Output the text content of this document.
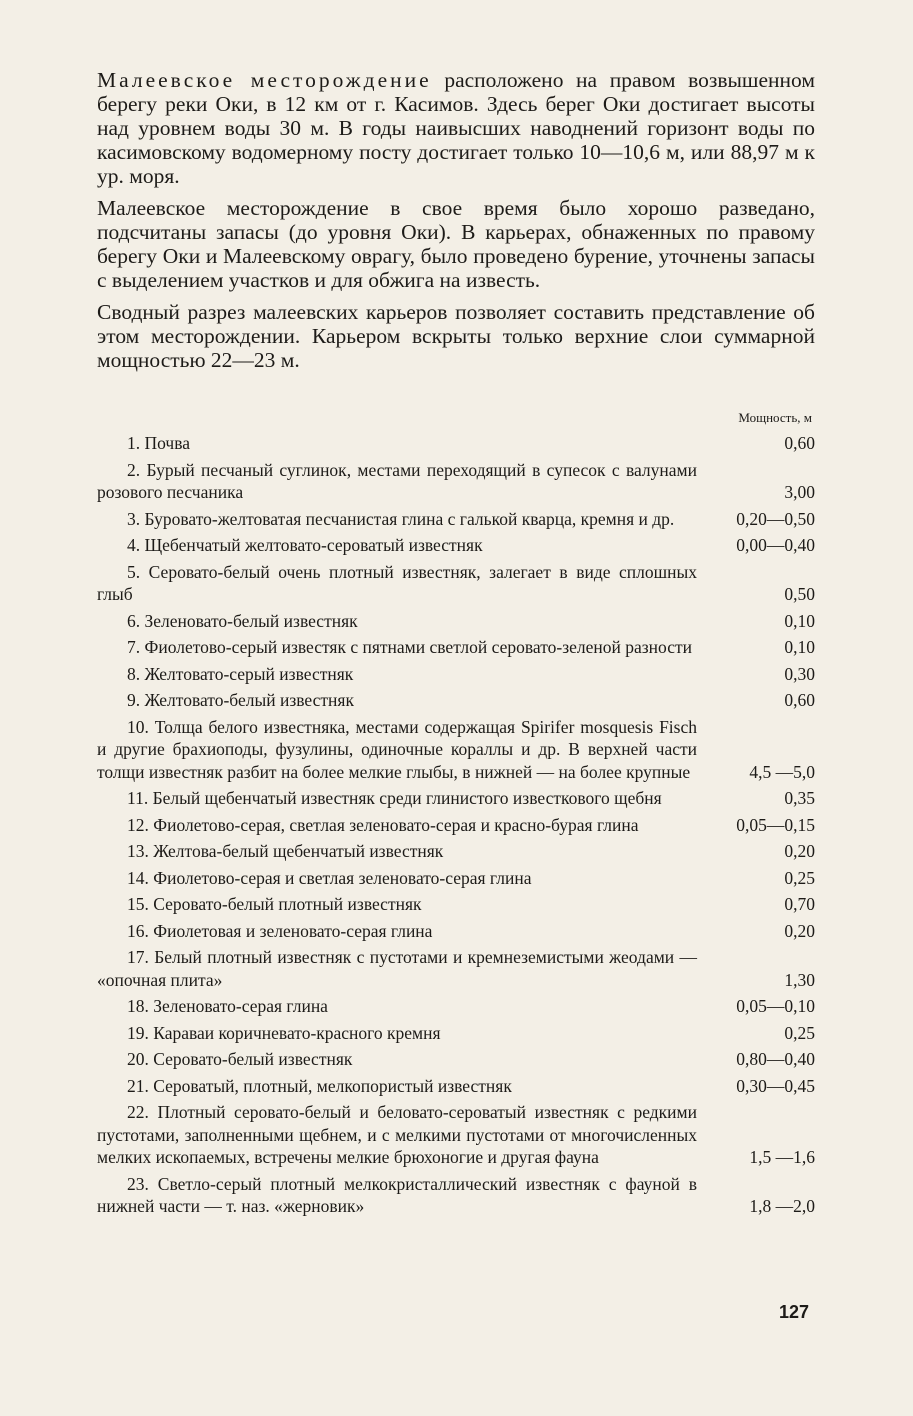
Малеевское месторождение расположено на правом возвышенном берегу реки Оки, в 12 км от г. Касимов. Здесь берег Оки достигает высоты над уровнем воды 30 м. В годы наивысших наводнений горизонт воды по касимовскому водомерному посту достигает только 10—10,6 м, или 88,97 м к ур. моря.

Малеевское месторождение в свое время было хорошо разведано, подсчитаны запасы (до уровня Оки). В карьерах, обнаженных по правому берегу Оки и Малеевскому оврагу, было проведено бурение, уточнены запасы с выделением участков и для обжига на известь.

Сводный разрез малеевских карьеров позволяет составить представление об этом месторождении. Карьером вскрыты только верхние слои суммарной мощностью 22—23 м.

Мощность, м
1. Почва	0,60
2. Бурый песчаный суглинок, местами переходящий в супесок с валунами розового песчаника	3,00
3. Буровато-желтоватая песчанистая глина с галькой кварца, кремня и др.	0,20—0,50
4. Щебенчатый желтовато-сероватый известняк	0,00—0,40
5. Сероватo-белый очень плотный известняк, залегает в виде сплошных глыб	0,50
6. Зеленовато-белый известняк	0,10
7. Фиолетово-серый известяк с пятнами светлой серовато-зеленой разности	0,10
8. Желтовато-серый известняк	0,30
9. Желтовато-белый известняк	0,60
10. Толща белого известняка, местами содержащая Spirifer mosquesis Fisch и другие брахиоподы, фузулины, одиночные кораллы и др. В верхней части толщи известняк разбит на более мелкие глыбы, в нижней — на более крупные	4,5 —5,0
11. Белый щебенчатый известняк среди глинистого известкового щебня	0,35
12. Фиолетово-серая, светлая зеленовато-серая и красно-бурая глина	0,05—0,15
13. Желтова-белый щебенчатый известняк	0,20
14. Фиолетово-серая и светлая зеленовато-серая глина	0,25
15. Серовато-белый плотный известняк	0,70
16. Фиолетовая и зеленовато-серая глина	0,20
17. Белый плотный известняк с пустотами и кремнеземистыми жеодами — «опочная плита»	1,30
18. Зеленовато-серая глина	0,05—0,10
19. Караваи коричневато-красного кремня	0,25
20. Серовато-белый известняк	0,80—0,40
21. Сероватый, плотный, мелкопористый известняк	0,30—0,45
22. Плотный серовато-белый и беловато-сероватый известняк с редкими пустотами, заполненными щебнем, и с мелкими пустотами от многочисленных мелких ископаемых, встречены мелкие брюхоногие и другая фауна	1,5 —1,6
23. Светло-серый плотный мелкокристаллический известняк с фауной в нижней части — т. наз. «жерновик»	1,8 —2,0
127
